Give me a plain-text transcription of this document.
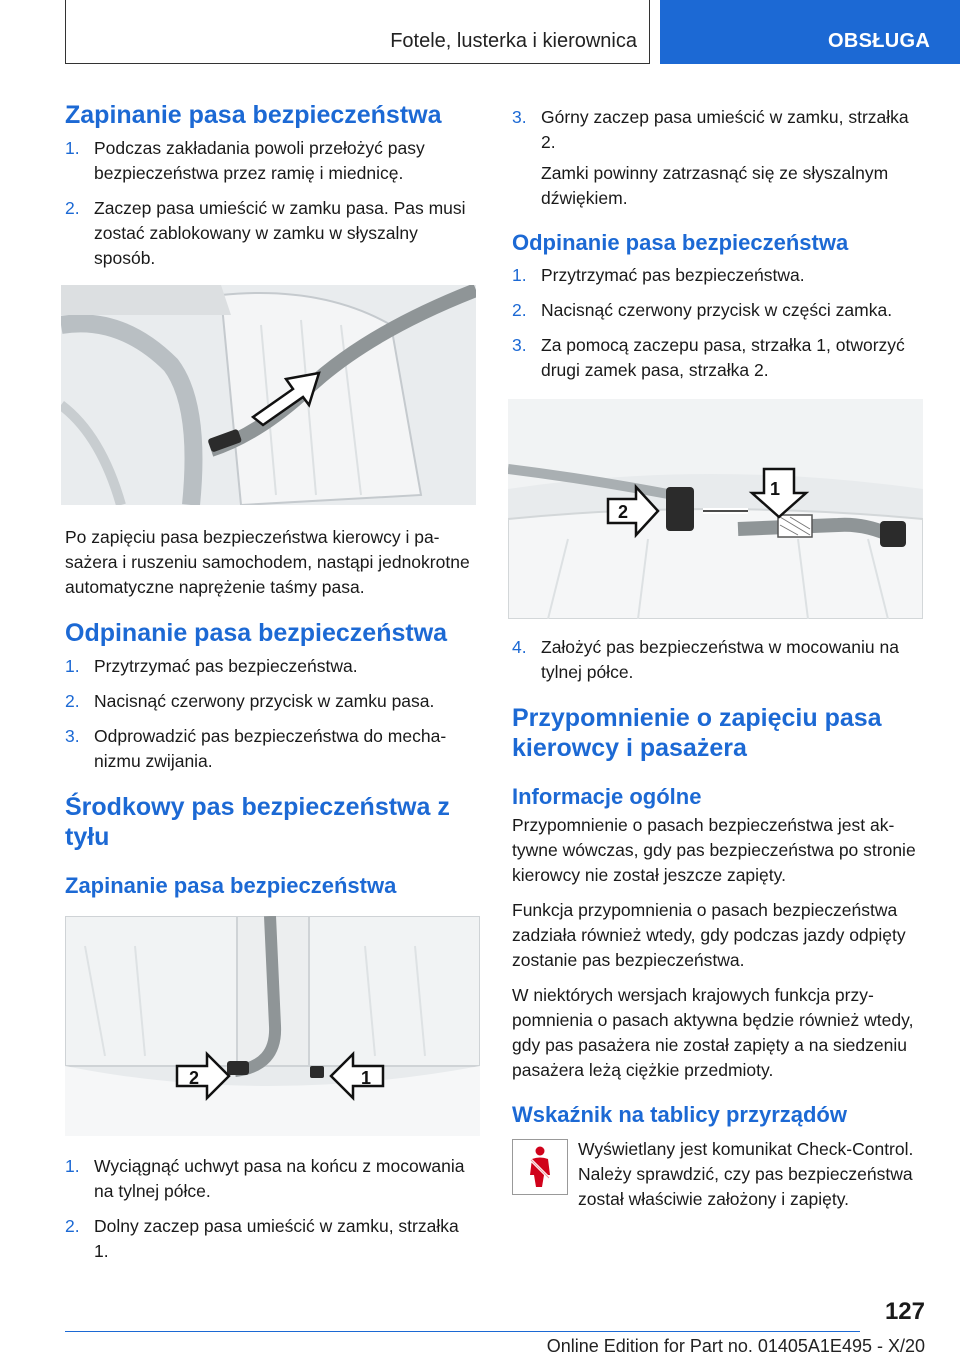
Fotele, lusterka i kierownica	OBSŁUGA
Zapinanie pasa bezpieczeństwa
1. Podczas zakładania powoli przełożyć pasy bezpieczeństwa przez ramię i miednicę.
2. Zaczep pasa umieścić w zamku pasa. Pas musi zostać zablokowany w zamku w słyszalny sposób.

Po zapięciu pasa bezpieczeństwa kierowcy i pasażera i ruszeniu samochodem, nastąpi jednokrotne automatyczne naprężenie taśmy pasa.

Odpinanie pasa bezpieczeństwa
1. Przytrzymać pas bezpieczeństwa.
2. Nacisnąć czerwony przycisk w zamku pasa.
3. Odprowadzić pas bezpieczeństwa do mechanizmu zwijania.
Środkowy pas bezpieczeństwa z tyłu
Zapinanie pasa bezpieczeństwa
2	1
1. Wyciągnąć uchwyt pasa na końcu z mocowania na tylnej półce.
2. Dolny zaczep pasa umieścić w zamku, strzałka 1.
3. Górny zaczep pasa umieścić w zamku, strzałka 2.

Zamki powinny zatrzasnąć się ze słyszalnym dźwiękiem.

Odpinanie pasa bezpieczeństwa
1. Przytrzymać pas bezpieczeństwa.
2. Nacisnąć czerwony przycisk w części zamka.
3. Za pomocą zaczepu pasa, strzałka 1, otworzyć drugi zamek pasa, strzałka 2.
1
2
4. Założyć pas bezpieczeństwa w mocowaniu na tylnej półce.
Przypomnienie o zapięciu pasa kierowcy i pasażera
Informacje ogólne

Przypomnienie o pasach bezpieczeństwa jest aktywne wówczas, gdy pas bezpieczeństwa po stronie kierowcy nie został jeszcze zapięty.

Funkcja przypomnienia o pasach bezpieczeństwa zadziała również wtedy, gdy podczas jazdy odpięty zostanie pas bezpieczeństwa.

W niektórych wersjach krajowych funkcja przypomnienia o pasach aktywna będzie również wtedy, gdy pas pasażera nie został zapięty a na siedzeniu pasażera leżą ciężkie przedmioty.

Wskaźnik na tablicy przyrządów

Wyświetlany jest komunikat Check-Control. Należy sprawdzić, czy pas bezpieczeństwa został właściwie założony i zapięty.

127
Online Edition for Part no. 01405A1E495 - X/20
